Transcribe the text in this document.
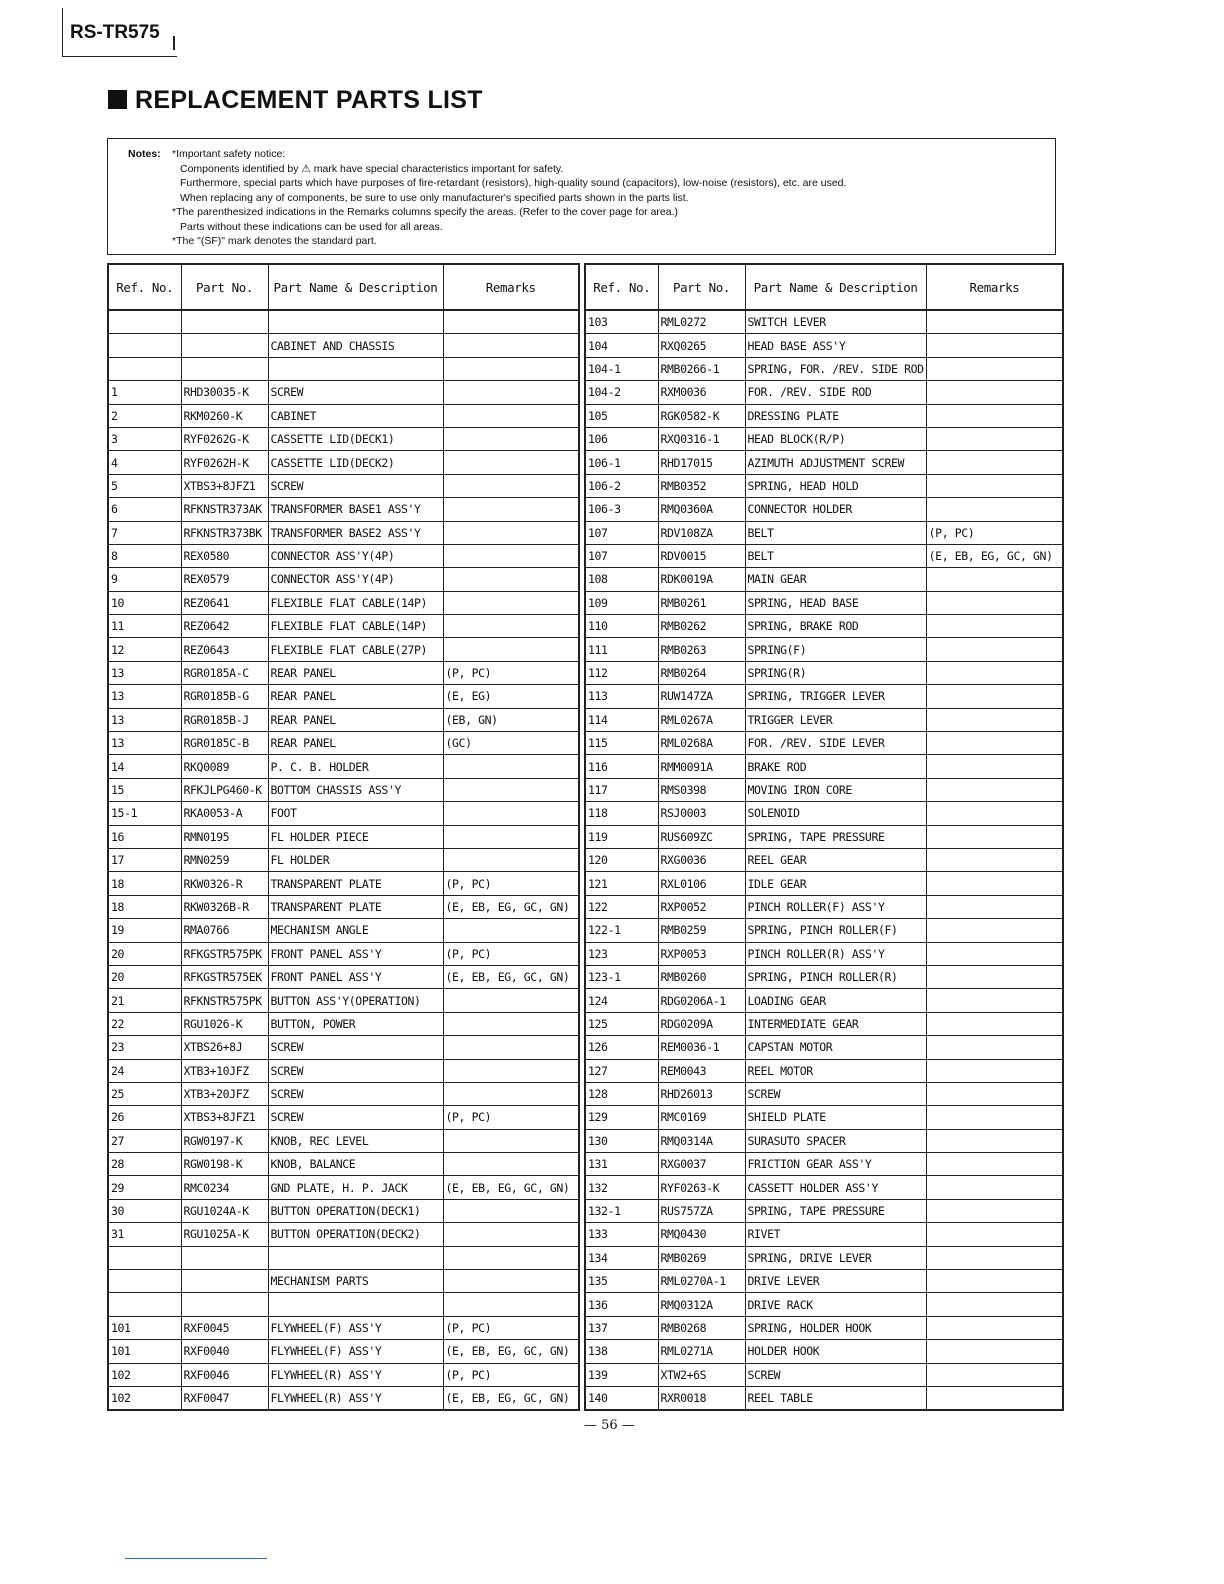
RS-TR575
REPLACEMENT PARTS LIST
Notes: *Important safety notice:
Components identified by ⚠ mark have special characteristics important for safety.
Furthermore, special parts which have purposes of fire-retardant (resistors), high-quality sound (capacitors), low-noise (resistors), etc. are used.
When replacing any of components, be sure to use only manufacturer's specified parts shown in the parts list.
*The parenthesized indications in the Remarks columns specify the areas. (Refer to the cover page for area.)
Parts without these indications can be used for all areas.
*The "(SF)" mark denotes the standard part.
Ref. No.	Part No.	Part Name & Description	Remarks

		CABINET AND CHASSIS	

1	RHD30035-K	SCREW	
2	RKM0260-K	CABINET	
3	RYF0262G-K	CASSETTE LID(DECK1)	
4	RYF0262H-K	CASSETTE LID(DECK2)	
5	XTBS3+8JFZ1	SCREW	
6	RFKNSTR373AK	TRANSFORMER BASE1 ASS'Y	
7	RFKNSTR373BK	TRANSFORMER BASE2 ASS'Y	
8	REX0580	CONNECTOR ASS'Y(4P)	
9	REX0579	CONNECTOR ASS'Y(4P)	
10	REZ0641	FLEXIBLE FLAT CABLE(14P)	
11	REZ0642	FLEXIBLE FLAT CABLE(14P)	
12	REZ0643	FLEXIBLE FLAT CABLE(27P)	
13	RGR0185A-C	REAR PANEL	(P, PC)
13	RGR0185B-G	REAR PANEL	(E, EG)
13	RGR0185B-J	REAR PANEL	(EB, GN)
13	RGR0185C-B	REAR PANEL	(GC)
14	RKQ0089	P. C. B. HOLDER	
15	RFKJLPG460-K	BOTTOM CHASSIS ASS'Y	
15-1	RKA0053-A	FOOT	
16	RMN0195	FL HOLDER PIECE	
17	RMN0259	FL HOLDER	
18	RKW0326-R	TRANSPARENT PLATE	(P, PC)
18	RKW0326B-R	TRANSPARENT PLATE	(E, EB, EG, GC, GN)
19	RMA0766	MECHANISM ANGLE	
20	RFKGSTR575PK	FRONT PANEL ASS'Y	(P, PC)
20	RFKGSTR575EK	FRONT PANEL ASS'Y	(E, EB, EG, GC, GN)
21	RFKNSTR575PK	BUTTON ASS'Y(OPERATION)	
22	RGU1026-K	BUTTON, POWER	
23	XTBS26+8J	SCREW	
24	XTB3+10JFZ	SCREW	
25	XTB3+20JFZ	SCREW	
26	XTBS3+8JFZ1	SCREW	(P, PC)
27	RGW0197-K	KNOB, REC LEVEL	
28	RGW0198-K	KNOB, BALANCE	
29	RMC0234	GND PLATE, H. P. JACK	(E, EB, EG, GC, GN)
30	RGU1024A-K	BUTTON OPERATION(DECK1)	
31	RGU1025A-K	BUTTON OPERATION(DECK2)	

		MECHANISM PARTS	

101	RXF0045	FLYWHEEL(F) ASS'Y	(P, PC)
101	RXF0040	FLYWHEEL(F) ASS'Y	(E, EB, EG, GC, GN)
102	RXF0046	FLYWHEEL(R) ASS'Y	(P, PC)
102	RXF0047	FLYWHEEL(R) ASS'Y	(E, EB, EG, GC, GN)
Ref. No.	Part No.	Part Name & Description	Remarks
103	RML0272	SWITCH LEVER	
104	RXQ0265	HEAD BASE ASS'Y	
104-1	RMB0266-1	SPRING, FOR. /REV. SIDE ROD	
104-2	RXM0036	FOR. /REV. SIDE ROD	
105	RGK0582-K	DRESSING PLATE	
106	RXQ0316-1	HEAD BLOCK(R/P)	
106-1	RHD17015	AZIMUTH ADJUSTMENT SCREW	
106-2	RMB0352	SPRING, HEAD HOLD	
106-3	RMQ0360A	CONNECTOR HOLDER	
107	RDV108ZA	BELT	(P, PC)
107	RDV0015	BELT	(E, EB, EG, GC, GN)
108	RDK0019A	MAIN GEAR	
109	RMB0261	SPRING, HEAD BASE	
110	RMB0262	SPRING, BRAKE ROD	
111	RMB0263	SPRING(F)	
112	RMB0264	SPRING(R)	
113	RUW147ZA	SPRING, TRIGGER LEVER	
114	RML0267A	TRIGGER LEVER	
115	RML0268A	FOR. /REV. SIDE LEVER	
116	RMM0091A	BRAKE ROD	
117	RMS0398	MOVING IRON CORE	
118	RSJ0003	SOLENOID	
119	RUS609ZC	SPRING, TAPE PRESSURE	
120	RXG0036	REEL GEAR	
121	RXL0106	IDLE GEAR	
122	RXP0052	PINCH ROLLER(F) ASS'Y	
122-1	RMB0259	SPRING, PINCH ROLLER(F)	
123	RXP0053	PINCH ROLLER(R) ASS'Y	
123-1	RMB0260	SPRING, PINCH ROLLER(R)	
124	RDG0206A-1	LOADING GEAR	
125	RDG0209A	INTERMEDIATE GEAR	
126	REM0036-1	CAPSTAN MOTOR	
127	REM0043	REEL MOTOR	
128	RHD26013	SCREW	
129	RMC0169	SHIELD PLATE	
130	RMQ0314A	SURASUTO SPACER	
131	RXG0037	FRICTION GEAR ASS'Y	
132	RYF0263-K	CASSETT HOLDER ASS'Y	
132-1	RUS757ZA	SPRING, TAPE PRESSURE	
133	RMQ0430	RIVET	
134	RMB0269	SPRING, DRIVE LEVER	
135	RML0270A-1	DRIVE LEVER	
136	RMQ0312A	DRIVE RACK	
137	RMB0268	SPRING, HOLDER HOOK	
138	RML0271A	HOLDER HOOK	
139	XTW2+6S	SCREW	
140	RXR0018	REEL TABLE	
— 56 —
